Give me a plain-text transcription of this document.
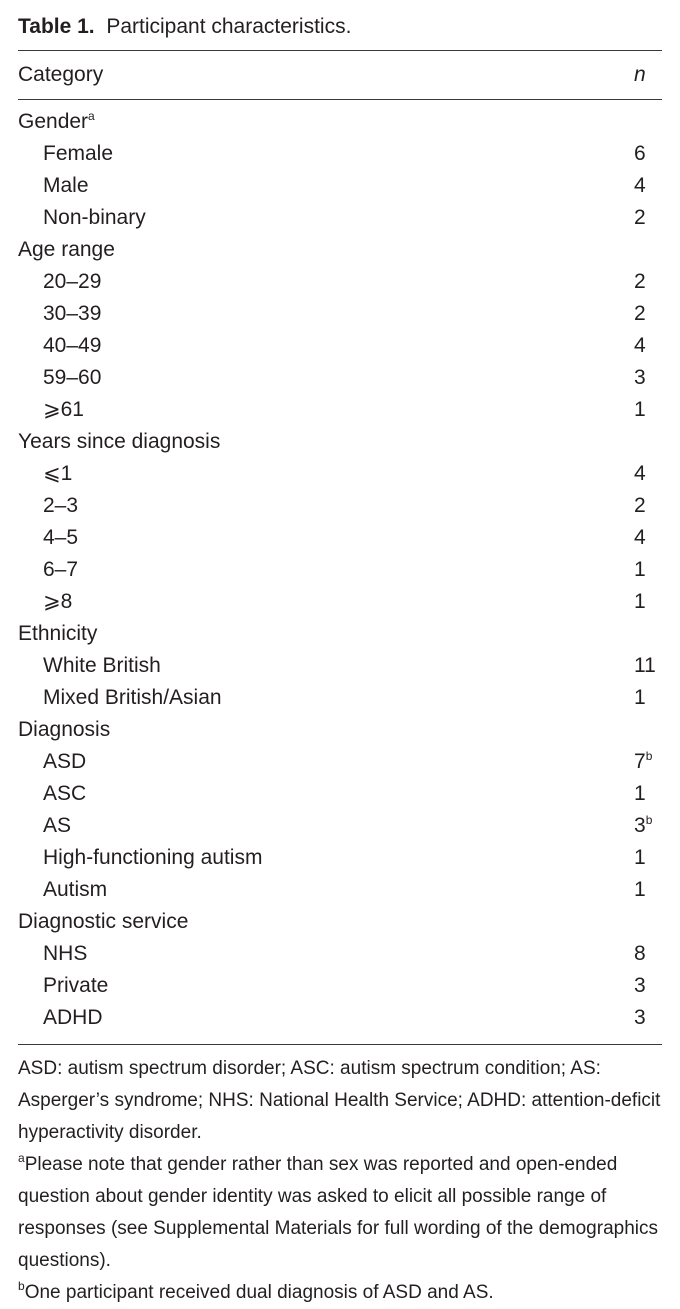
Table 1. Participant characteristics.
Category	n
Gender$^a$
Female	6
Male	4
Non-binary	2
Age range
20–29	2
30–39	2
40–49	4
59–60	3
⩾61	1
Years since diagnosis
⩽1	4
2–3	2
4–5	4
6–7	1
⩾8	1
Ethnicity
White British	11
Mixed British/Asian	1
Diagnosis
ASD	7$^b$
ASC	1
AS	3$^b$
High-functioning autism	1
Autism	1
Diagnostic service
NHS	8
Private	3
ADHD	3

ASD: autism spectrum disorder; ASC: autism spectrum condition; AS: Asperger’s syndrome; NHS: National Health Service; ADHD: attention-deficit hyperactivity disorder.

$^a$Please note that gender rather than sex was reported and open-ended question about gender identity was asked to elicit all possible range of responses (see Supplemental Materials for full wording of the demographics questions).

$^b$One participant received dual diagnosis of ASD and AS.
